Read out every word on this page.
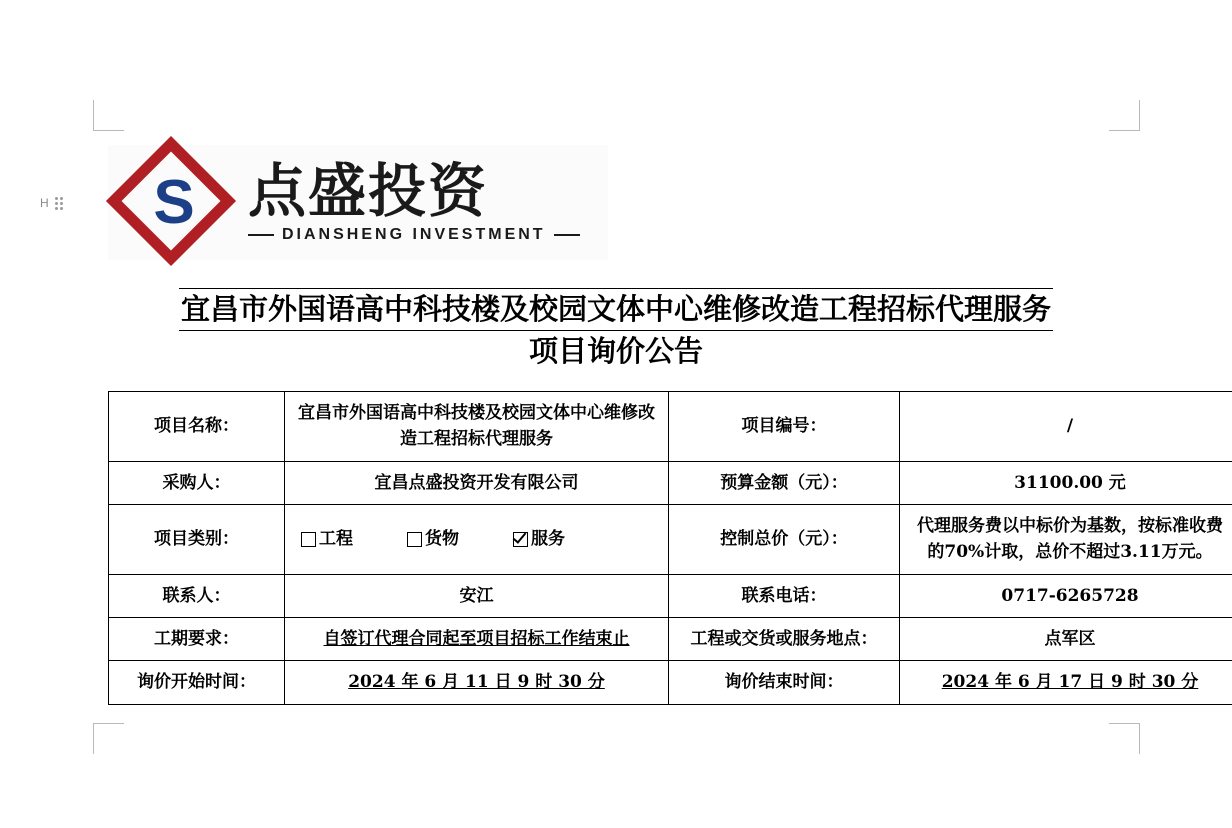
H	S 点盛投资
DIANSHENG INVESTMENT
宜昌市外国语高中科技楼及校园文体中心维修改造工程招标代理服务
项目询价公告
项目名称：	宜昌市外国语高中科技楼及校园文体中心维修改造工程招标代理服务	项目编号：	/
采购人：	宜昌点盛投资开发有限公司	预算金额（元）：	31100.00 元
项目类别：	工程 货物 服务	控制总价（元）：	代理服务费以中标价为基数，按标准收费的70%计取，总价不超过3.11万元。
联系人：	安江	联系电话：	0717-6265728
工期要求：	自签订代理合同起至项目招标工作结束止	工程或交货或服务地点：	点军区
询价开始时间：	2024 年 6 月 11 日 9 时 30 分	询价结束时间：	2024 年 6 月 17 日 9 时 30 分
